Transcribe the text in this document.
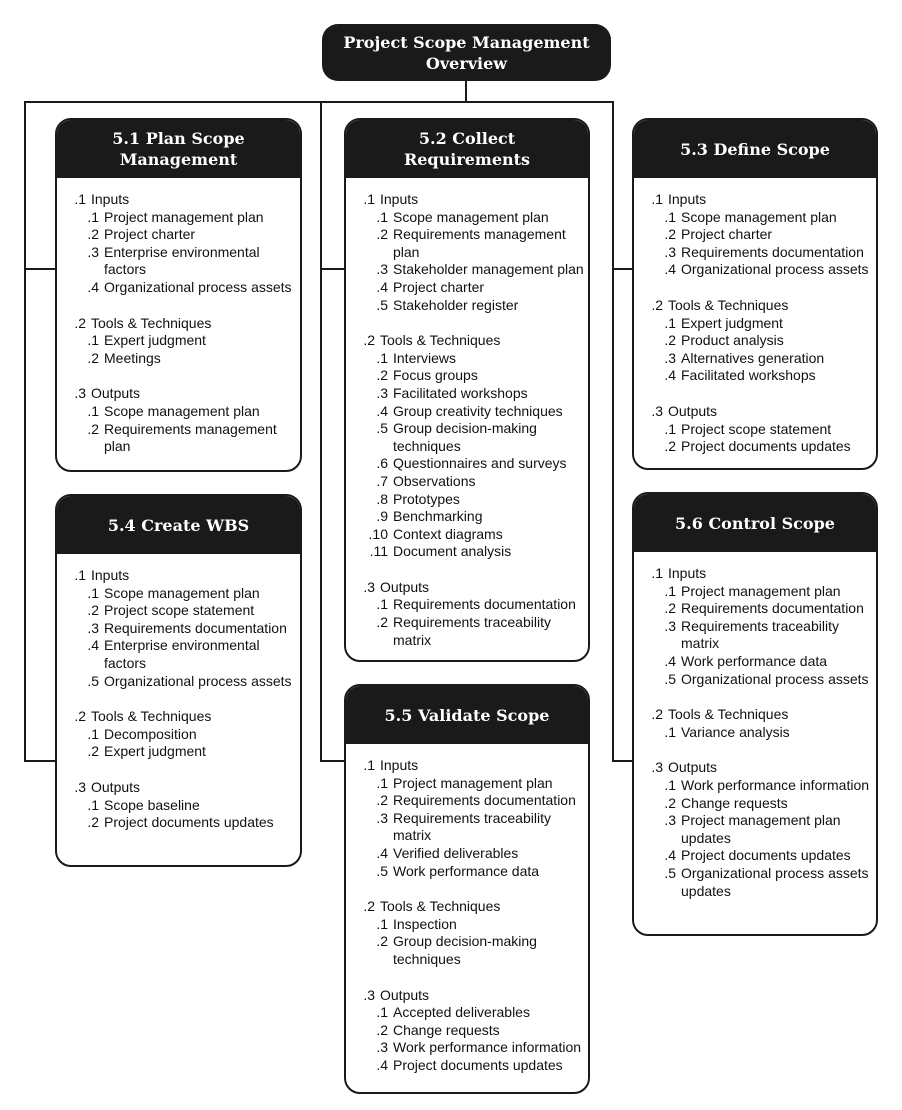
Project Scope Management Overview
5.1 Plan Scope Management
.1 Inputs
.1 Project management plan
.2 Project charter
.3 Enterprise environmental factors
.4 Organizational process assets
.2 Tools & Techniques
.1 Expert judgment
.2 Meetings
.3 Outputs
.1 Scope management plan
.2 Requirements management plan
5.2 Collect Requirements
.1 Inputs
.1 Scope management plan
.2 Requirements management plan
.3 Stakeholder management plan
.4 Project charter
.5 Stakeholder register
.2 Tools & Techniques
.1 Interviews
.2 Focus groups
.3 Facilitated workshops
.4 Group creativity techniques
.5 Group decision-making techniques
.6 Questionnaires and surveys
.7 Observations
.8 Prototypes
.9 Benchmarking
.10 Context diagrams
.11 Document analysis
.3 Outputs
.1 Requirements documentation
.2 Requirements traceability matrix
5.3 Define Scope
.1 Inputs
.1 Scope management plan
.2 Project charter
.3 Requirements documentation
.4 Organizational process assets
.2 Tools & Techniques
.1 Expert judgment
.2 Product analysis
.3 Alternatives generation
.4 Facilitated workshops
.3 Outputs
.1 Project scope statement
.2 Project documents updates
5.4 Create WBS
.1 Inputs
.1 Scope management plan
.2 Project scope statement
.3 Requirements documentation
.4 Enterprise environmental factors
.5 Organizational process assets
.2 Tools & Techniques
.1 Decomposition
.2 Expert judgment
.3 Outputs
.1 Scope baseline
.2 Project documents updates
5.5 Validate Scope
.1 Inputs
.1 Project management plan
.2 Requirements documentation
.3 Requirements traceability matrix
.4 Verified deliverables
.5 Work performance data
.2 Tools & Techniques
.1 Inspection
.2 Group decision-making techniques
.3 Outputs
.1 Accepted deliverables
.2 Change requests
.3 Work performance information
.4 Project documents updates
5.6 Control Scope
.1 Inputs
.1 Project management plan
.2 Requirements documentation
.3 Requirements traceability matrix
.4 Work performance data
.5 Organizational process assets
.2 Tools & Techniques
.1 Variance analysis
.3 Outputs
.1 Work performance information
.2 Change requests
.3 Project management plan updates
.4 Project documents updates
.5 Organizational process assets updates
